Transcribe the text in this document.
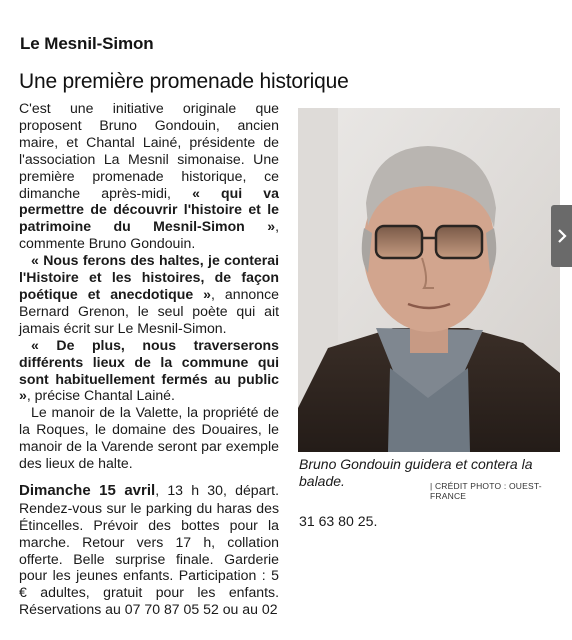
Le Mesnil-Simon
Une première promenade historique

C'est une initiative originale que proposent Bruno Gondouin, ancien maire, et Chantal Lainé, présidente de l'association La Mesnil simonaise. Une première promenade historique, ce dimanche après-midi, « qui va permettre de découvrir l'histoire et le patrimoine du Mesnil-Simon », commente Bruno Gondouin.

« Nous ferons des haltes, je conterai l'Histoire et les histoires, de façon poétique et anecdotique », annonce Bernard Grenon, le seul poète qui ait jamais écrit sur Le Mesnil-Simon.

« De plus, nous traverserons différents lieux de la commune qui sont habituellement fermés au public », précise Chantal Lainé.

Le manoir de la Valette, la propriété de la Roques, le domaine des Douaires, le manoir de la Varende seront par exemple des lieux de halte.

Dimanche 15 avril, 13 h 30, départ. Rendez-vous sur le parking du haras des Étincelles. Prévoir des bottes pour la marche. Retour vers 17 h, collation offerte. Belle surprise finale. Garderie pour les jeunes enfants. Participation : 5 € adultes, gratuit pour les enfants. Réservations au 07 70 87 05 52 ou au 02

31 63 80 25.

Bruno Gondouin guidera et contera la balade.	| CRÉDIT PHOTO : OUEST-FRANCE
